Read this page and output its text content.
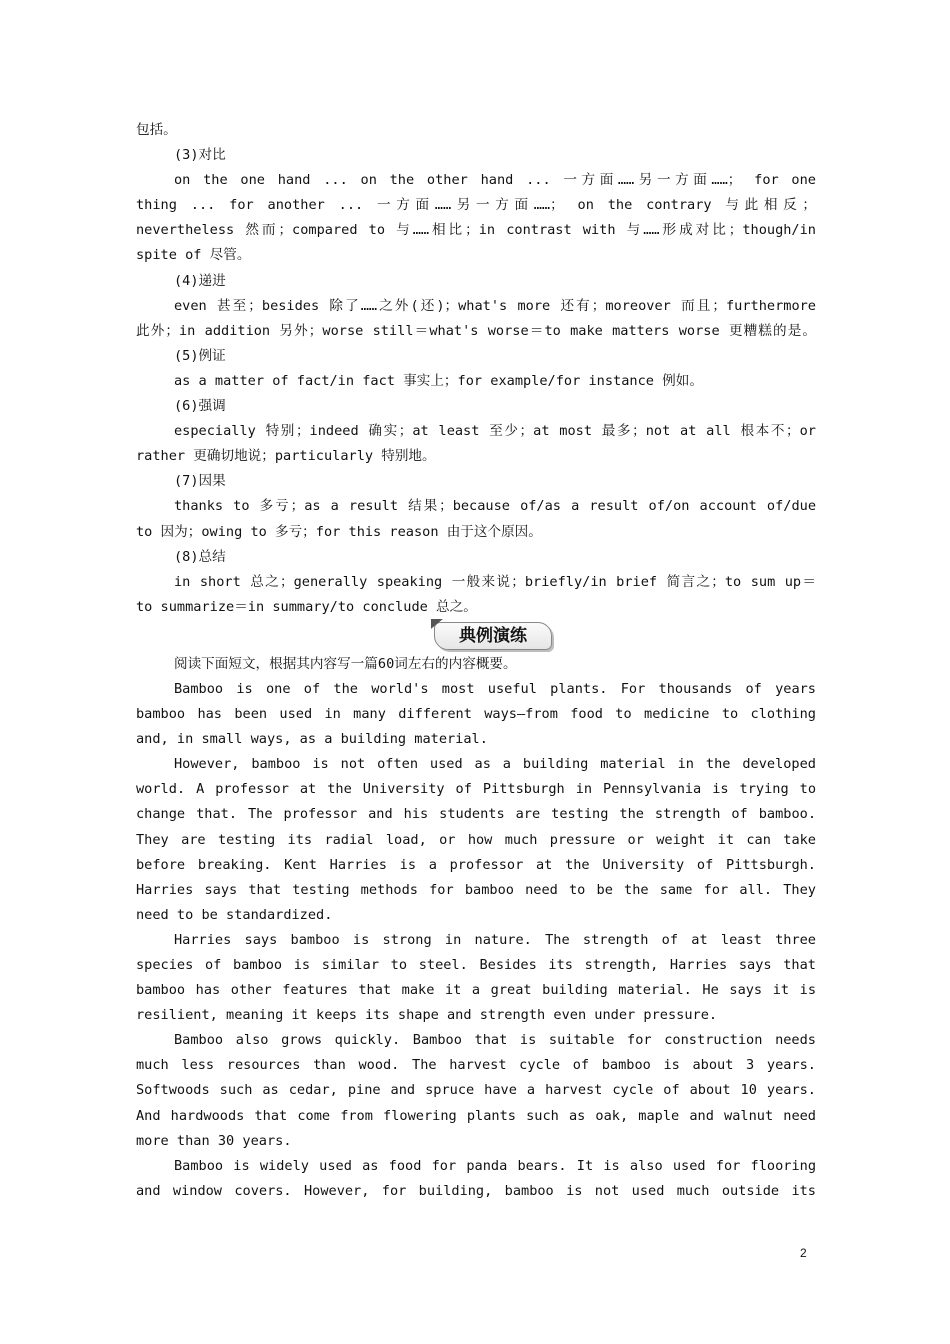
包括。

(3)对比

on the one hand ... on the other hand ... 一方面……另一方面……； for one

thing ... for another ... 一方面……另一方面……； on the contrary 与此相反；

nevertheless 然而；compared to 与……相比；in contrast with 与……形成对比；though/in

spite of 尽管。

(4)递进

even 甚至；besides 除了……之外(还)；what's more 还有；moreover 而且；furthermore

此外；in addition 另外；worse still＝what's worse＝to make matters worse 更糟糕的是。

(5)例证

as a matter of fact/in fact 事实上；for example/for instance 例如。

(6)强调

especially 特别；indeed 确实；at least 至少；at most 最多；not at all 根本不；or

rather 更确切地说；particularly 特别地。

(7)因果

thanks to 多亏；as a result 结果；because of/as a result of/on account of/due

to 因为；owing to 多亏；for this reason 由于这个原因。

(8)总结

in short 总之；generally speaking 一般来说；briefly/in brief 简言之；to sum up＝

to summarize＝in summary/to conclude 总之。

典例演练

阅读下面短文，根据其内容写一篇60词左右的内容概要。

Bamboo is one of the world's most useful plants. For thousands of years

bamboo has been used in many different ways—from food to medicine to clothing

and, in small ways, as a building material.

However, bamboo is not often used as a building material in the developed

world. A professor at the University of Pittsburgh in Pennsylvania is trying to

change that. The professor and his students are testing the strength of bamboo.

They are testing its radial load, or how much pressure or weight it can take

before breaking. Kent Harries is a professor at the University of Pittsburgh.

Harries says that testing methods for bamboo need to be the same for all. They

need to be standardized.

Harries says bamboo is strong in nature. The strength of at least three

species of bamboo is similar to steel. Besides its strength, Harries says that

bamboo has other features that make it a great building material. He says it is

resilient, meaning it keeps its shape and strength even under pressure.

Bamboo also grows quickly. Bamboo that is suitable for construction needs

much less resources than wood. The harvest cycle of bamboo is about 3 years.

Softwoods such as cedar, pine and spruce have a harvest cycle of about 10 years.

And hardwoods that come from flowering plants such as oak, maple and walnut need

more than 30 years.

Bamboo is widely used as food for panda bears. It is also used for flooring

and window covers. However, for building, bamboo is not used much outside its

2
